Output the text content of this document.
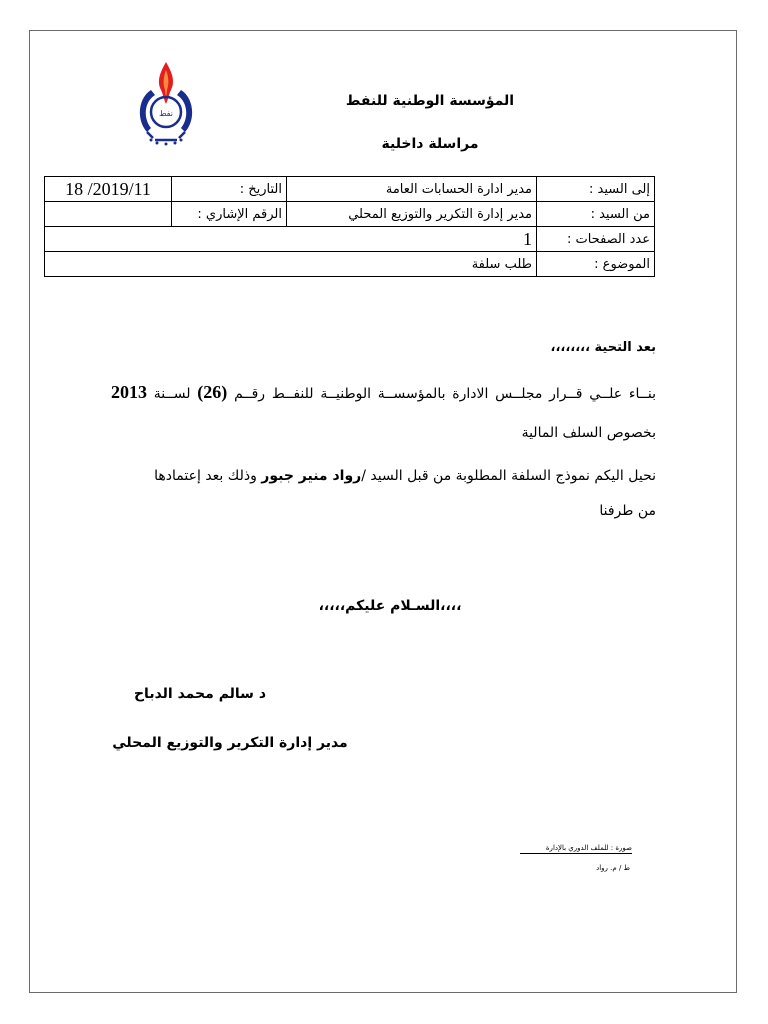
نفط
المؤسسة الوطنية للنفط
مراسلة داخلية
إلى السيد :	مدير ادارة الحسابات العامة	التاريخ :	2019/11/ 18
من السيد :	مدير إدارة التكرير والتوزيع المحلي	الرقم الإشاري :	
عدد الصفحات :	1		
الموضوع :	طلب سلفة		
بعد التحية ،،،،،،،،
بنــاء علــي قــرار مجلــس الادارة بالمؤسســة الوطنيــة للنفــط رقــم (26) لســنة 2013
بخصوص السلف المالية
نحيل اليكم نموذج السلفة المطلوبة من قبل السيد /رواد منير جبور وذلك بعد إعتمادها
من طرفنا
،،،،السـلام عليكم،،،،،
د سالم محمد الدباح
مدير إدارة التكرير والتوزيع المحلي
صورة : للملف الدوري بالإدارة
ط / م. رواد
